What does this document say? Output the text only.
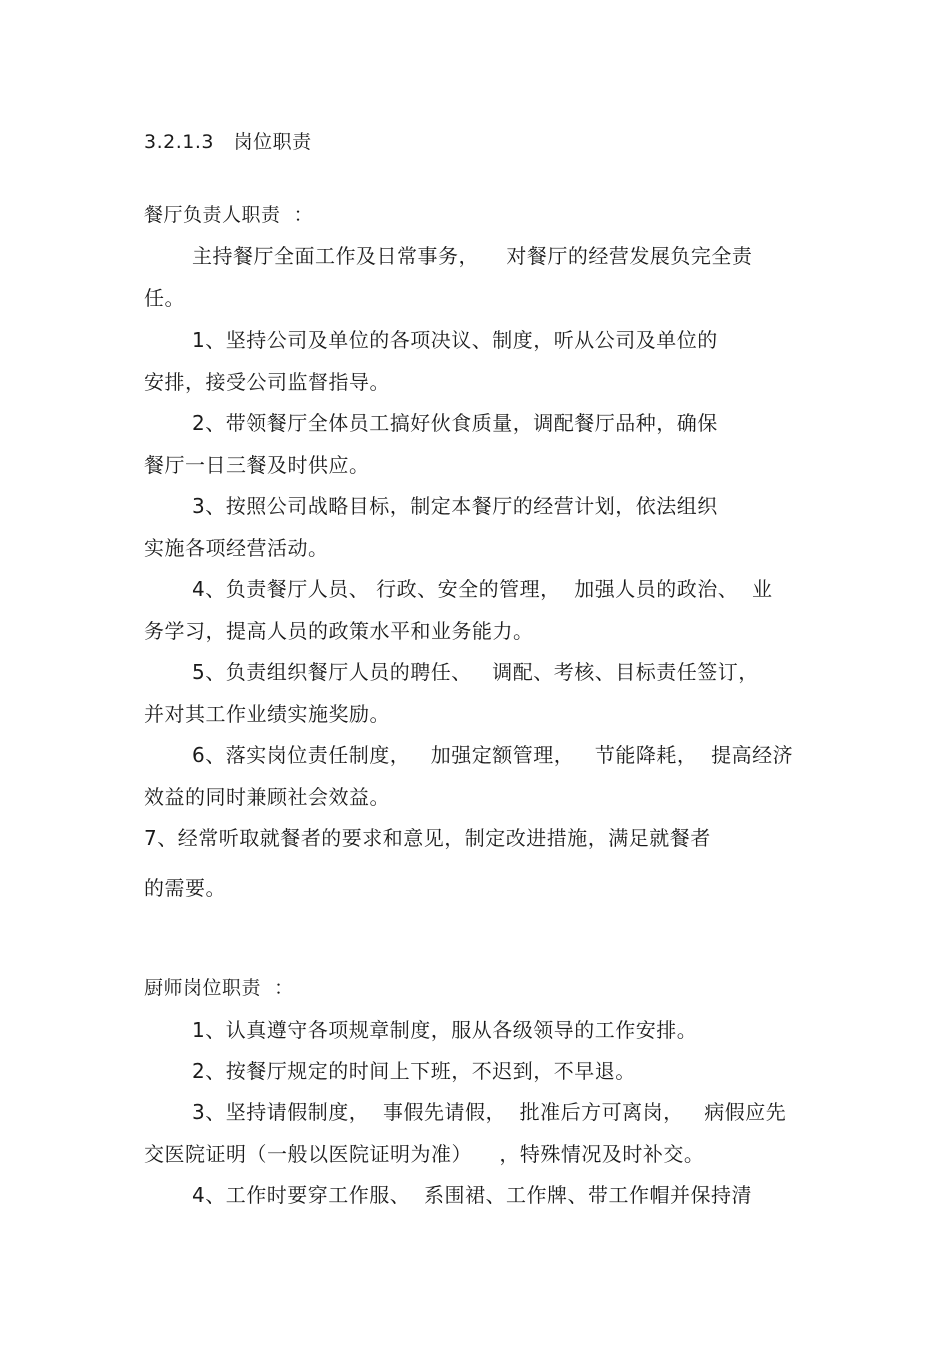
3.2.1.3 岗位职责
餐厅负责人职责  ：
主持餐厅全面工作及日常事务，    对餐厅的经营发展负完全责
任。
1、坚持公司及单位的各项决议、制度，听从公司及单位的
安排，接受公司监督指导。
2、带领餐厅全体员工搞好伙食质量，调配餐厅品种，确保
餐厅一日三餐及时供应。
3、按照公司战略目标，制定本餐厅的经营计划，依法组织
实施各项经营活动。
4、负责餐厅人员、 行政、安全的管理，  加强人员的政治、  业
务学习，提高人员的政策水平和业务能力。
5、负责组织餐厅人员的聘任、   调配、考核、目标责任签订，
并对其工作业绩实施奖励。
6、落实岗位责任制度，   加强定额管理，   节能降耗，  提高经济
效益的同时兼顾社会效益。
7、经常听取就餐者的要求和意见，制定改进措施，满足就餐者
的需要。
厨师岗位职责  ：
1、认真遵守各项规章制度，服从各级领导的工作安排。
2、按餐厅规定的时间上下班，不迟到，不早退。
3、坚持请假制度，  事假先请假，  批准后方可离岗，   病假应先
交医院证明（一般以医院证明为准）    ，特殊情况及时补交。
4、工作时要穿工作服、  系围裙、工作牌、带工作帽并保持清
